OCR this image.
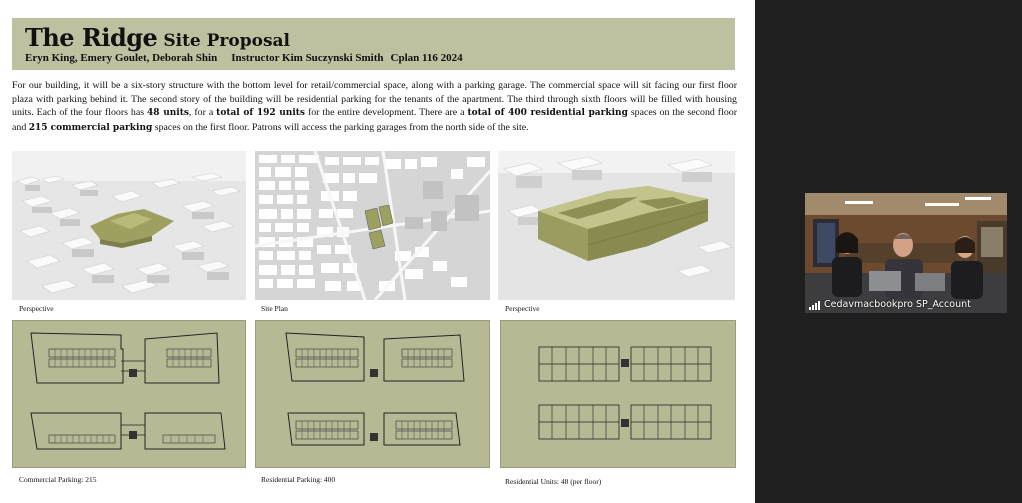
The Ridge Site Proposal
Eryn King, Emery Goulet, Deborah Shin Instructor Kim Suczynski Smith Cplan 116 2024
For our building, it will be a six-story structure with the bottom level for retail/commercial space, along with a parking garage. The commercial space will sit facing our first floor plaza with parking behind it. The second story of the building will be residential parking for the tenants of the apartment. The third through sixth floors will be filled with housing units. Each of the four floors has 48 units, for a total of 192 units for the entire development. There are a total of 400 residential parking spaces on the second floor and 215 commercial parking spaces on the first floor. Patrons will access the parking garages from the north side of the site.
Perspective	Site Plan	Perspective
Commercial Parking: 215	Residential Parking: 400	Residential Units: 48 (per floor)
Cedavmacbookpro SP_Account
